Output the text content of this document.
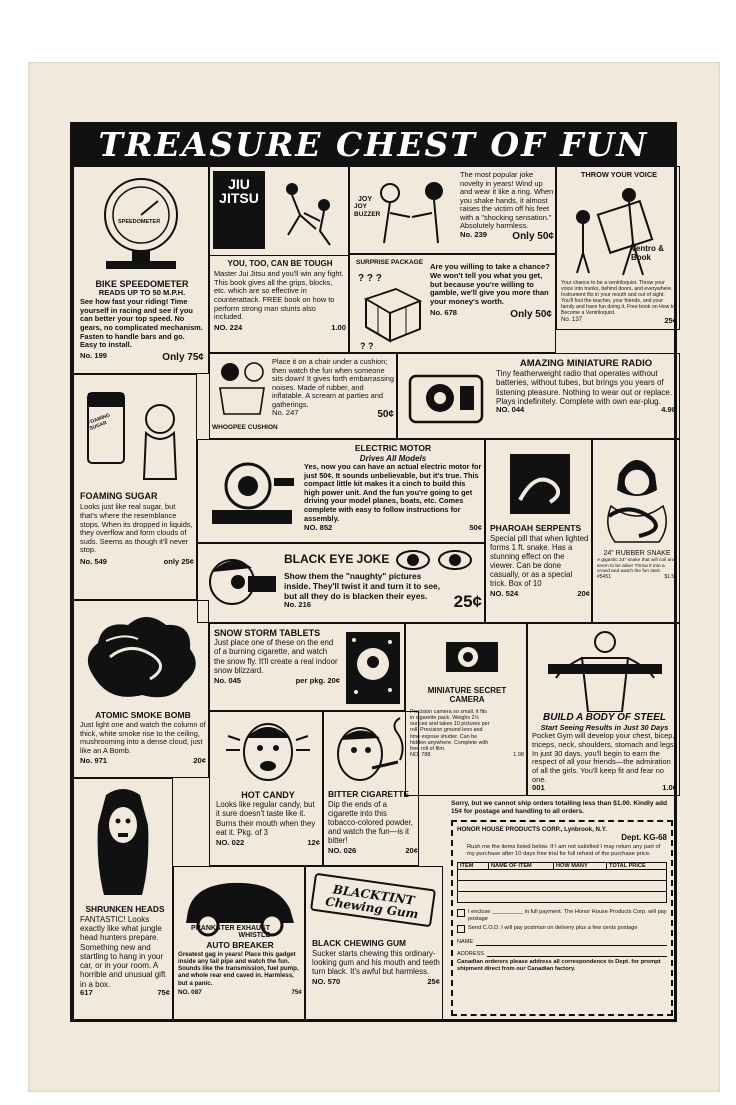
TREASURE CHEST OF FUN
SPEEDOMETER
BIKE SPEEDOMETER
READS UP TO 50 M.P.H.
See how fast your riding! Time yourself in racing and see if you can better your top speed. No gears, no complicated mechanism. Fasten to handle bars and go. Easy to install.
No. 199	Only 75¢
JIU JITSU
YOU, TOO, CAN BE TOUGH
Master Jui Jitsu and you'll win any fight. This book gives all the grips, blocks, etc. which are so effective in counterattack. FREE book on how to perform strong man stunts also included.
NO. 224	1.00
JOY
JOY BUZZER
The most popular joke novelty in years! Wind up and wear it like a ring. When you shake hands, it almost raises the victim off his feet with a "shocking sensation." Absolutely harmless.
No. 239	Only 50¢
THROW YOUR VOICE
Ventro & Book
Your chance to be a ventriloquist. Throw your voice into trunks, behind doors, and everywhere. Instrument fits in your mouth and out of sight. You'll fool the teacher, your friends, and your family and have fun doing it. Free book on How to Become a Ventriloquist.
No. 137	25¢
SURPRISE PACKAGE
? ? ?
? ?
Are you willing to take a chance? We won't tell you what you get, but because you're willing to gamble, we'll give you more than your money's worth.
No. 678	Only 50¢
WHOOPEE CUSHION
Place it on a chair under a cushion; then watch the fun when someone sits down! It gives forth embarrassing noises. Made of rubber, and inflatable. A scream at parties and gatherings.
No. 247	50¢
AMAZING MINIATURE RADIO
Tiny featherweight radio that operates without batteries, without tubes, but brings you years of listening pleasure. Nothing to wear out or replace. Plays indefinitely. Complete with own ear-plug.
NO. 044	4.98
FOAMING SUGAR
FOAMING SUGAR
Looks just like real sugar, but that's where the resemblance stops. When its dropped in liquids, they overflow and form clouds of suds. Seems as though it'll never stop.
No. 549	only 25¢
ELECTRIC MOTOR
Drives All Models
Yes, now you can have an actual electric motor for just 50¢. It sounds unbelievable, but it's true. This compact little kit makes it a cinch to build this high power unit. And the fun you're going to get driving your model planes, boats, etc. Comes complete with easy to follow instructions for assembly.
NO. 852	50¢ PHAROAH SERPENTS
Special pill that when lighted forms 1 ft. snake. Has a stunning effect on the viewer. Can be done casually, or as a special trick. Box of 10
NO. 524	20¢
24" RUBBER SNAKE
A gigantic 24" snake that will coil and seem to be alive! Throw it into a crowd and watch the fun start.
#5451	$1.50
BLACK EYE JOKE
Show them the "naughty" pictures inside. They'll twist it and turn it to see, but all they do is blacken their eyes.
No. 216	25¢
ATOMIC SMOKE BOMB
Just light one and watch the column of thick, white smoke rise to the ceiling, mushrooming into a dense cloud, just like an A Bomb.
No. 971	20¢
SNOW STORM TABLETS
Just place one of these on the end of a burning cigarette, and watch the snow fly. It'll create a real indoor snow blizzard.
No. 045	per pkg. 20¢
MINIATURE SECRET CAMERA
Precision camera so small, it fits in cigarette pack. Weighs 2½ ounces and takes 10 pictures per roll. Precision ground lens and time expose shutter. Can be hidden anywhere. Complete with free roll of film.
NO. 788	1.98
BUILD A BODY OF STEEL
Start Seeing Results in Just 30 Days
Pocket Gym will develop your chest, bicep, triceps, neck, shoulders, stomach and legs. In just 30 days, you'll begin to earn the respect of all your friends—the admiration of all the girls. You'll keep fit and fear no one.
001	1.00
HOT CANDY
Looks like regular candy, but it sure doesn't taste like it. Burns their mouth when they eat it. Pkg. of 3
NO. 022	12¢
BITTER CIGARETTE
Dip the ends of a cigarette into this tobacco-colored powder, and watch the fun—is it bitter!
NO. 026	20¢
SHRUNKEN HEADS
FANTASTIC! Looks exactly like what jungle head hunters prepare. Something new and startling to hang in your car, or in your room. A horrible and unusual gift in a box.
617	75¢
PRANKSTER EXHAUST WHISTLE
AUTO BREAKER
Greatest gag in years! Place this gadget inside any tail pipe and watch the fun. Sounds like the transmission, fuel pump, and whole rear end caved in. Harmless, but a panic.
NO. 087	75¢
BLACKTINT Chewing Gum
BLACK CHEWING GUM
Sucker starts chewing this ordinary-looking gum and his mouth and teeth turn black. It's awful but harmless.
NO. 570	25¢
Sorry, but we cannot ship orders totalling less than $1.00. Kindly add 15¢ for postage and handling to all orders.
HONOR HOUSE PRODUCTS CORP., Lynbrook, N.Y.
Dept. KG-68
Rush me the items listed below. If I am not satisfied I may return any part of my purchase after 10 days free trial for full refund of the purchase price.
ITEM	NAME OF ITEM	HOW MANY	TOTAL PRICE
I enclose __________ in full payment. The Honor House Products Corp. will pay postage
Send C.O.D. I will pay postman on delivery plus a few cents postage
NAME
ADDRESS
Canadian orderers please address all correspondence to Dept. for prompt shipment direct from our Canadian factory.
